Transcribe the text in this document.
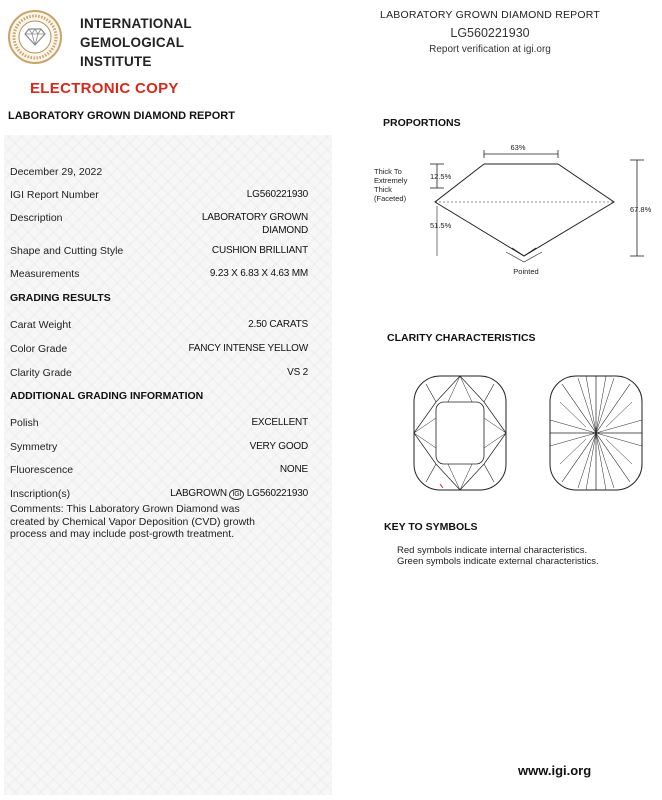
INTERNATIONAL
GEMOLOGICAL
INSTITUTE
ELECTRONIC COPY
LABORATORY GROWN DIAMOND REPORT
LABORATORY GROWN DIAMOND REPORT
LG560221930
Report verification at igi.org
December 29, 2022
IGI Report Number	LG560221930
Description	LABORATORY GROWN
DIAMOND
Shape and Cutting Style	CUSHION BRILLIANT
Measurements	9.23 X 6.83 X 4.63 MM
GRADING RESULTS
Carat Weight	2.50 CARATS
Color Grade	FANCY INTENSE YELLOW
Clarity Grade	VS 2
ADDITIONAL GRADING INFORMATION
Polish	EXCELLENT
Symmetry	VERY GOOD
Fluorescence	NONE
Inscription(s)	LABGROWN IGI LG560221930
Comments: This Laboratory Grown Diamond was
created by Chemical Vapor Deposition (CVD) growth
process and may include post-growth treatment.
PROPORTIONS
63%
Pointed
12.5%
51.5%
Thick To
Extremely
Thick
(Faceted)
67.8%
CLARITY CHARACTERISTICS
KEY TO SYMBOLS
Red symbols indicate internal characteristics.
Green symbols indicate external characteristics.
www.igi.org
